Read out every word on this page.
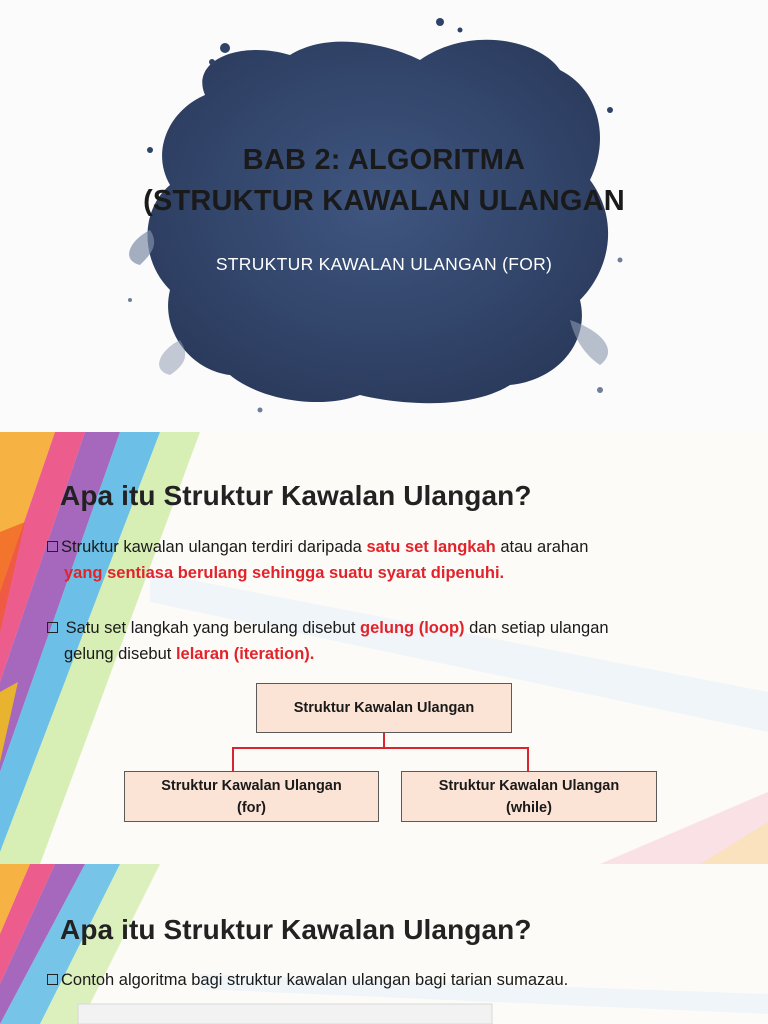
BAB 2: ALGORITMA
(STRUKTUR KAWALAN ULANGAN
STRUKTUR KAWALAN ULANGAN (FOR)
Apa itu Struktur Kawalan Ulangan?
Struktur kawalan ulangan terdiri daripada satu set langkah atau arahan
yang sentiasa berulang sehingga suatu syarat dipenuhi.
Satu set langkah yang berulang disebut gelung (loop) dan setiap ulangan
gelung disebut lelaran (iteration).
Struktur Kawalan Ulangan
Struktur Kawalan Ulangan
(for)
Struktur Kawalan Ulangan
(while)
Apa itu Struktur Kawalan Ulangan?
Contoh algoritma bagi struktur kawalan ulangan bagi tarian sumazau.
